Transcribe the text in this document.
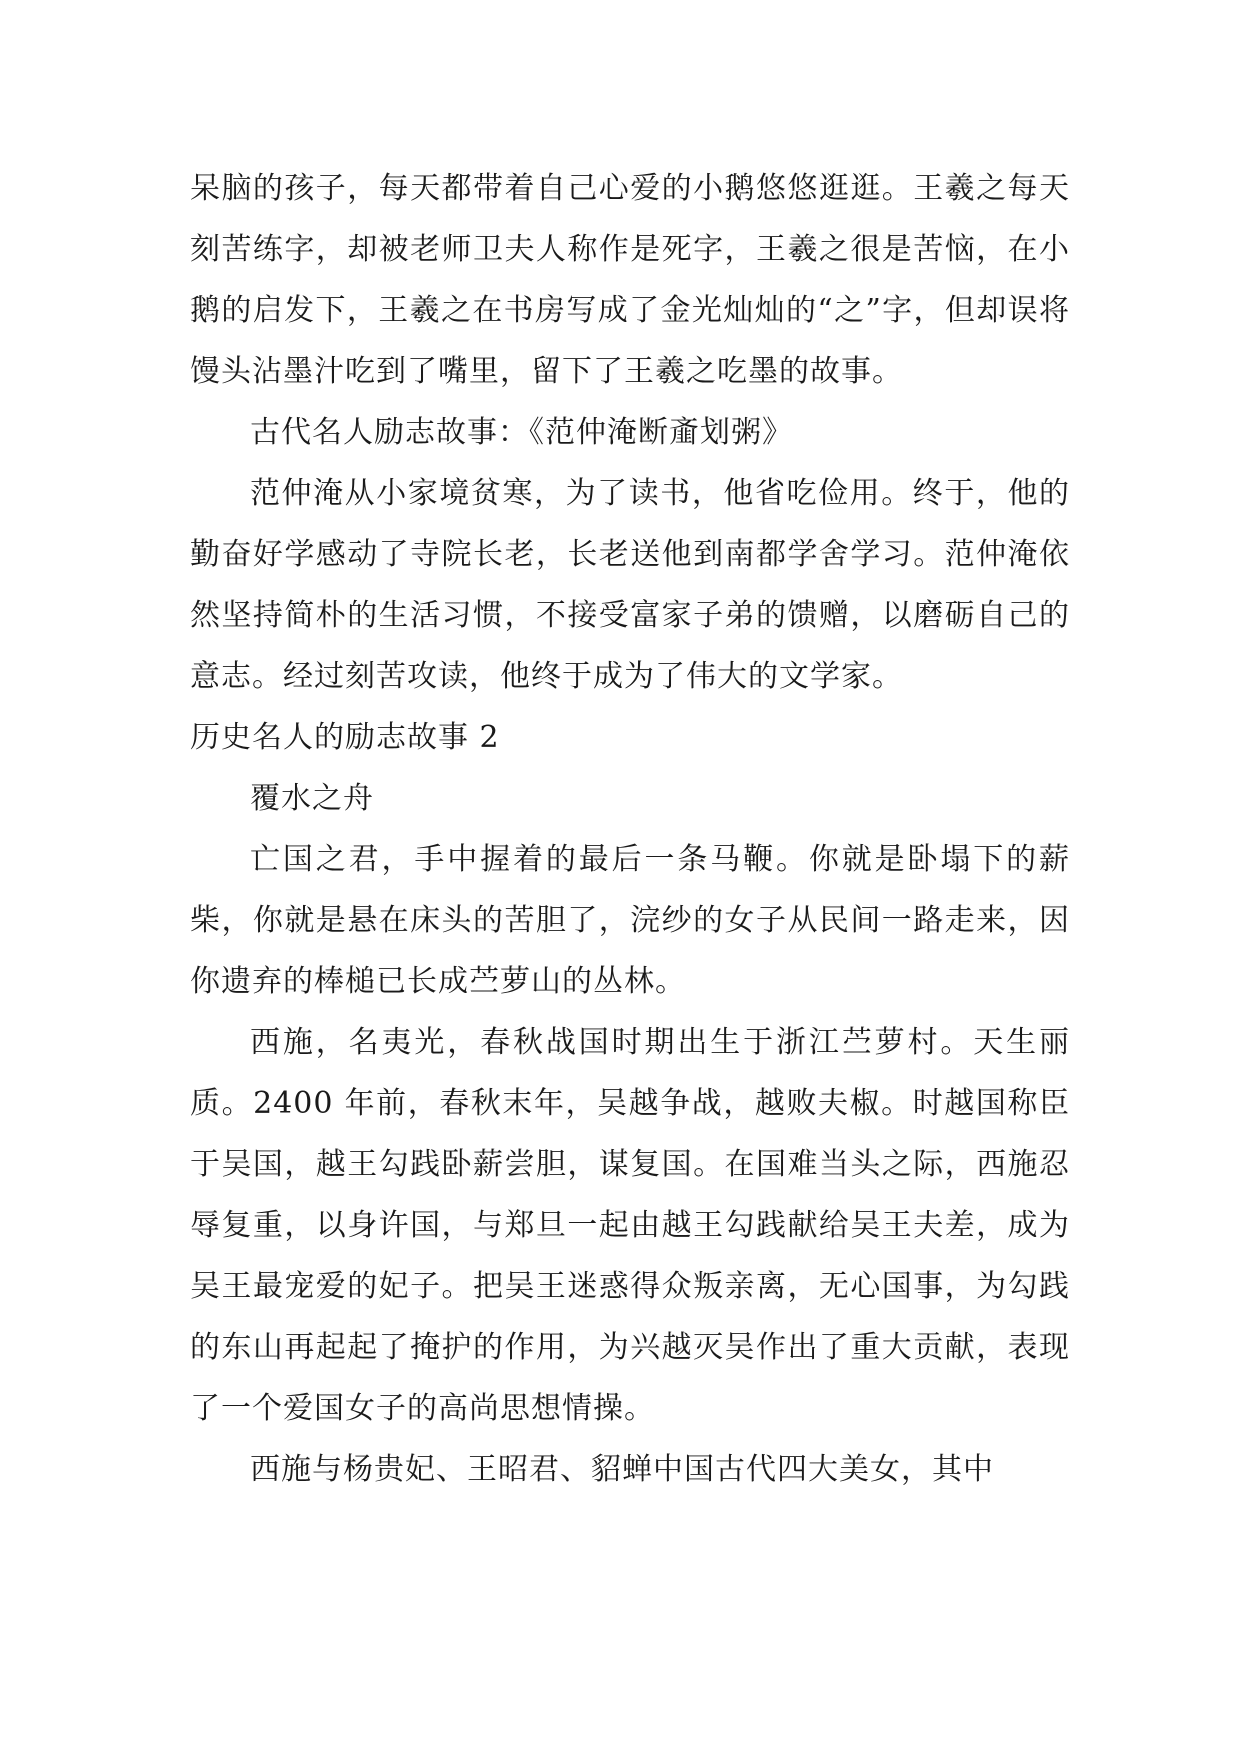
呆脑的孩子，每天都带着自己心爱的小鹅悠悠逛逛。王羲之每天刻苦练字，却被老师卫夫人称作是死字，王羲之很是苦恼，在小鹅的启发下，王羲之在书房写成了金光灿灿的“之”字，但却误将馒头沾墨汁吃到了嘴里，留下了王羲之吃墨的故事。

古代名人励志故事：《范仲淹断齑划粥》

范仲淹从小家境贫寒，为了读书，他省吃俭用。终于，他的勤奋好学感动了寺院长老，长老送他到南都学舍学习。范仲淹依然坚持简朴的生活习惯，不接受富家子弟的馈赠，以磨砺自己的意志。经过刻苦攻读，他终于成为了伟大的文学家。

历史名人的励志故事 2

覆水之舟

亡国之君，手中握着的最后一条马鞭。你就是卧塌下的薪柴，你就是悬在床头的苦胆了，浣纱的女子从民间一路走来，因你遗弃的棒槌已长成苎萝山的丛林。

西施，名夷光，春秋战国时期出生于浙江苎萝村。天生丽质。2400 年前，春秋末年，吴越争战，越败夫椒。时越国称臣于吴国，越王勾践卧薪尝胆，谋复国。在国难当头之际，西施忍辱复重，以身许国，与郑旦一起由越王勾践献给吴王夫差，成为吴王最宠爱的妃子。把吴王迷惑得众叛亲离，无心国事，为勾践的东山再起起了掩护的作用，为兴越灭吴作出了重大贡献，表现了一个爱国女子的高尚思想情操。

西施与杨贵妃、王昭君、貂蝉中国古代四大美女，其中
